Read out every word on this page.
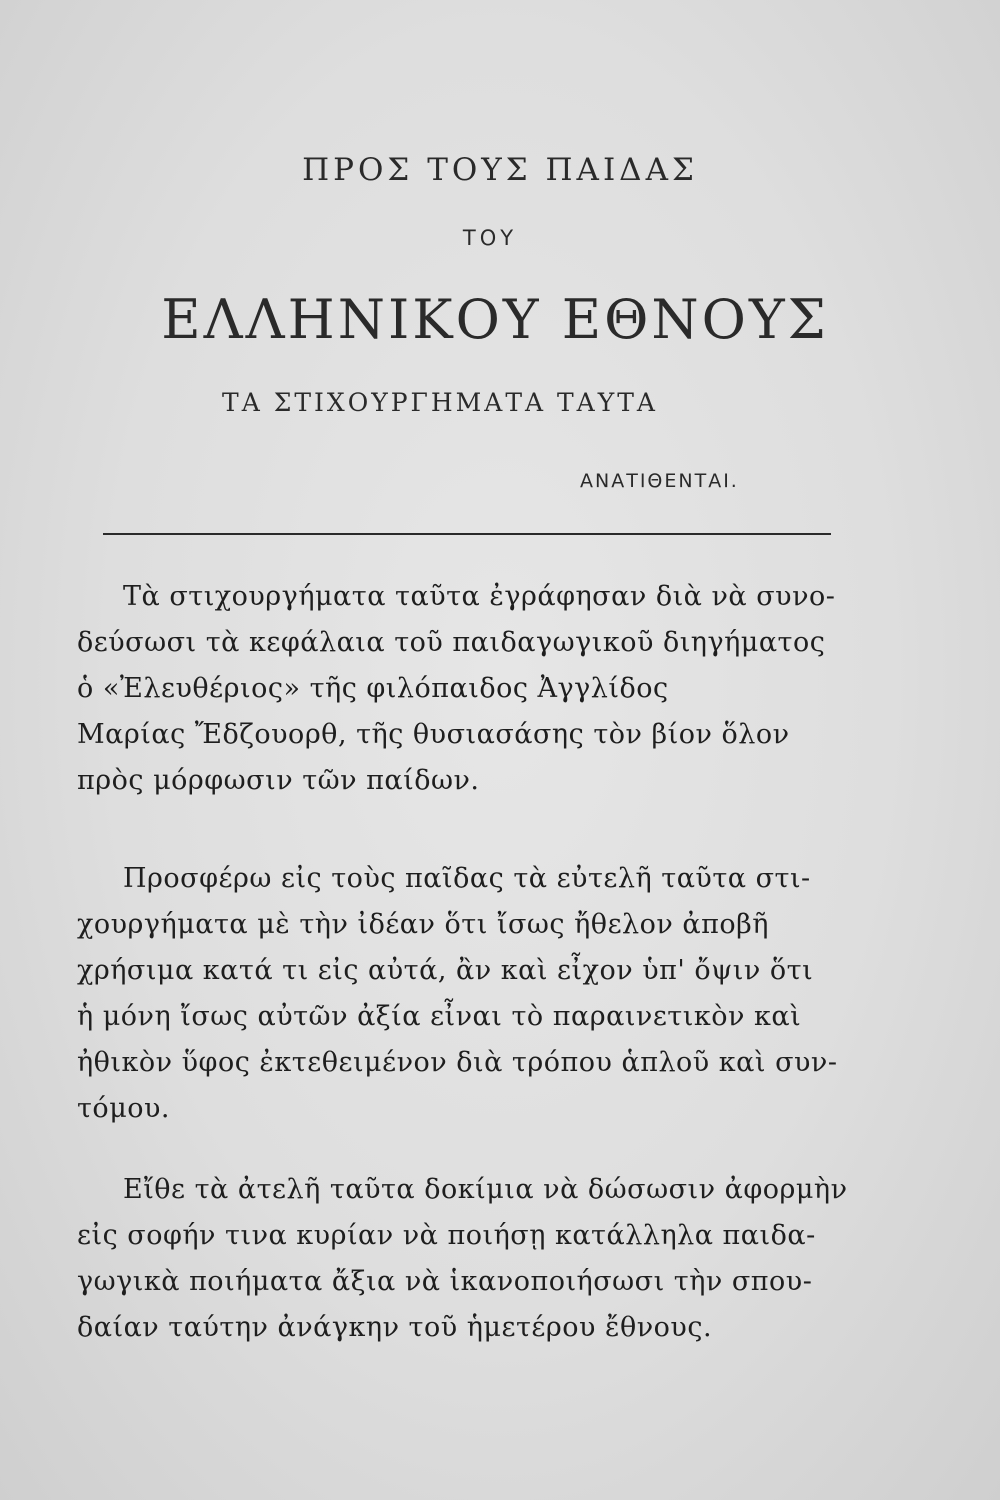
ΠΡΟΣ ΤΟΥΣ ΠΑΙΔΑΣ
ΤΟΥ
ΕΛΛΗΝΙΚΟΥ ΕΘΝΟΥΣ
ΤΑ ΣΤΙΧΟΥΡΓΗΜΑΤΑ ΤΑΥΤΑ
ΑΝΑΤΙΘΕΝΤΑΙ.
Τὰ στιχουργήματα ταῦτα ἐγράφησαν διὰ νὰ συνο-
δεύσωσι τὰ κεφάλαια τοῦ παιδαγωγικοῦ διηγήματος
ὁ «Ἐλευθέριος» τῆς φιλόπαιδος Ἀγγλίδος
Μαρίας Ἔδζουορθ, τῆς θυσιασάσης τὸν βίον ὅλον
πρὸς μόρφωσιν τῶν παίδων.
Προσφέρω εἰς τοὺς παῖδας τὰ εὐτελῆ ταῦτα στι-
χουργήματα μὲ τὴν ἰδέαν ὅτι ἴσως ἤθελον ἀποβῆ
χρήσιμα κατά τι εἰς αὐτά, ἂν καὶ εἶχον ὑπ' ὄψιν ὅτι
ἡ μόνη ἴσως αὐτῶν ἀξία εἶναι τὸ παραινετικὸν καὶ
ἠθικὸν ὕφος ἐκτεθειμένον διὰ τρόπου ἁπλοῦ καὶ συν-
τόμου.
Εἴθε τὰ ἀτελῆ ταῦτα δοκίμια νὰ δώσωσιν ἀφορμὴν
εἰς σοφήν τινα κυρίαν νὰ ποιήσῃ κατάλληλα παιδα-
γωγικὰ ποιήματα ἄξια νὰ ἱκανοποιήσωσι τὴν σπου-
δαίαν ταύτην ἀνάγκην τοῦ ἡμετέρου ἔθνους.
